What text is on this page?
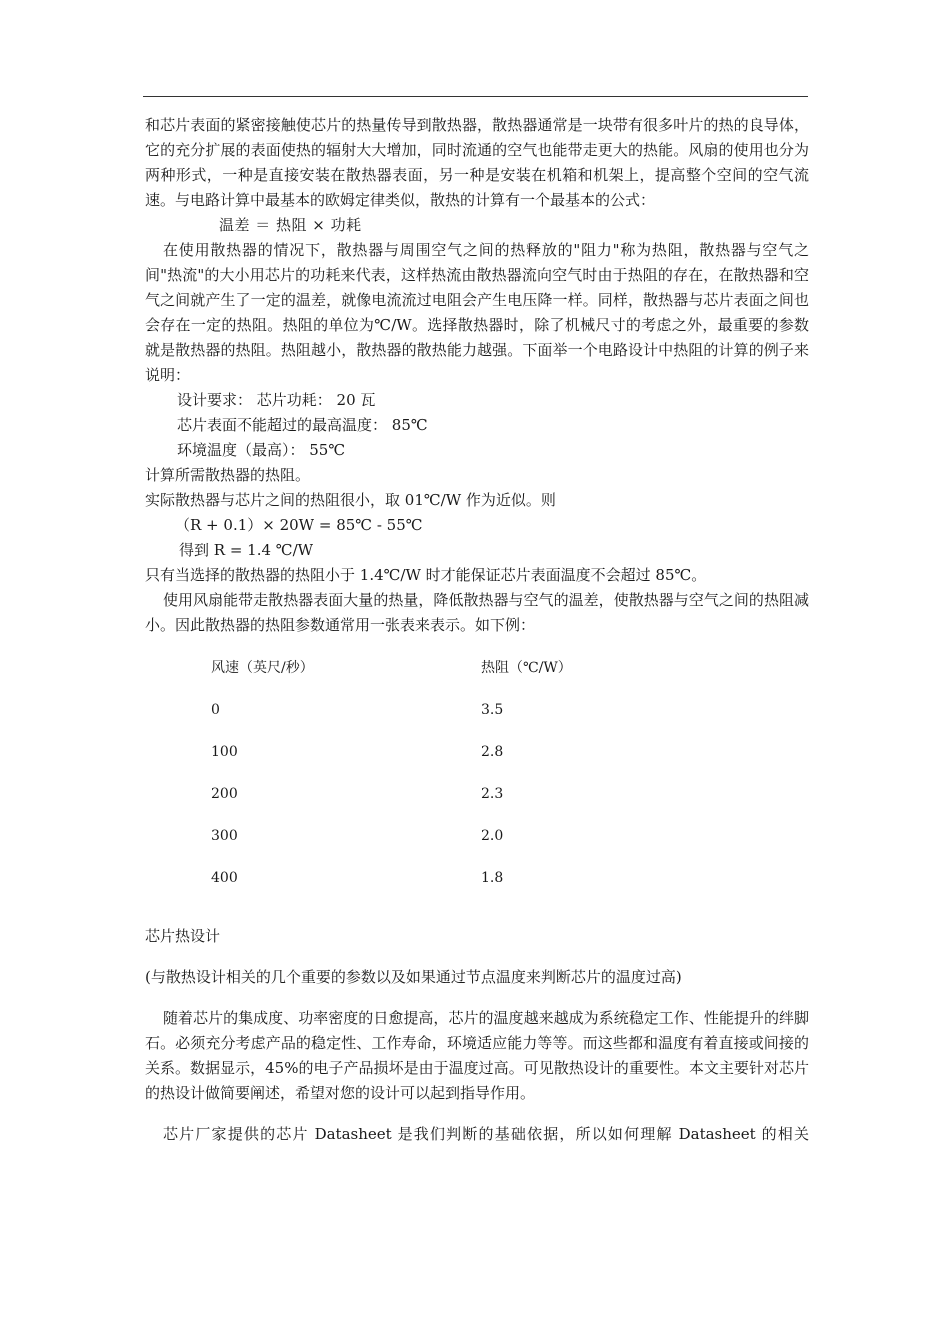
和芯片表面的紧密接触使芯片的热量传导到散热器，散热器通常是一块带有很多叶片的热的良导体，它的充分扩展的表面使热的辐射大大增加，同时流通的空气也能带走更大的热能。风扇的使用也分为两种形式，一种是直接安装在散热器表面，另一种是安装在机箱和机架上，提高整个空间的空气流速。与电路计算中最基本的欧姆定律类似，散热的计算有一个最基本的公式：
温差 ＝ 热阻 × 功耗
在使用散热器的情况下，散热器与周围空气之间的热释放的"阻力"称为热阻，散热器与空气之间"热流"的大小用芯片的功耗来代表，这样热流由散热器流向空气时由于热阻的存在，在散热器和空气之间就产生了一定的温差，就像电流流过电阻会产生电压降一样。同样，散热器与芯片表面之间也会存在一定的热阻。热阻的单位为℃/W。选择散热器时，除了机械尺寸的考虑之外，最重要的参数就是散热器的热阻。热阻越小，散热器的散热能力越强。下面举一个电路设计中热阻的计算的例子来说明：
设计要求： 芯片功耗： 20 瓦
芯片表面不能超过的最高温度： 85℃
环境温度（最高）： 55℃
计算所需散热器的热阻。
实际散热器与芯片之间的热阻很小，取 01℃/W 作为近似。则
（R + 0.1）× 20W = 85℃ - 55℃
得到 R = 1.4 ℃/W
只有当选择的散热器的热阻小于 1.4℃/W 时才能保证芯片表面温度不会超过 85℃。
使用风扇能带走散热器表面大量的热量，降低散热器与空气的温差，使散热器与空气之间的热阻减小。因此散热器的热阻参数通常用一张表来表示。如下例：
风速（英尺/秒）	热阻（℃/W）
0	3.5
100	2.8
200	2.3
300	2.0
400	1.8
芯片热设计
(与散热设计相关的几个重要的参数以及如果通过节点温度来判断芯片的温度过高)
随着芯片的集成度、功率密度的日愈提高，芯片的温度越来越成为系统稳定工作、性能提升的绊脚石。必须充分考虑产品的稳定性、工作寿命，环境适应能力等等。而这些都和温度有着直接或间接的关系。数据显示，45%的电子产品损坏是由于温度过高。可见散热设计的重要性。本文主要针对芯片的热设计做简要阐述，希望对您的设计可以起到指导作用。
芯片厂家提供的芯片 Datasheet 是我们判断的基础依据，所以如何理解 Datasheet 的相关
